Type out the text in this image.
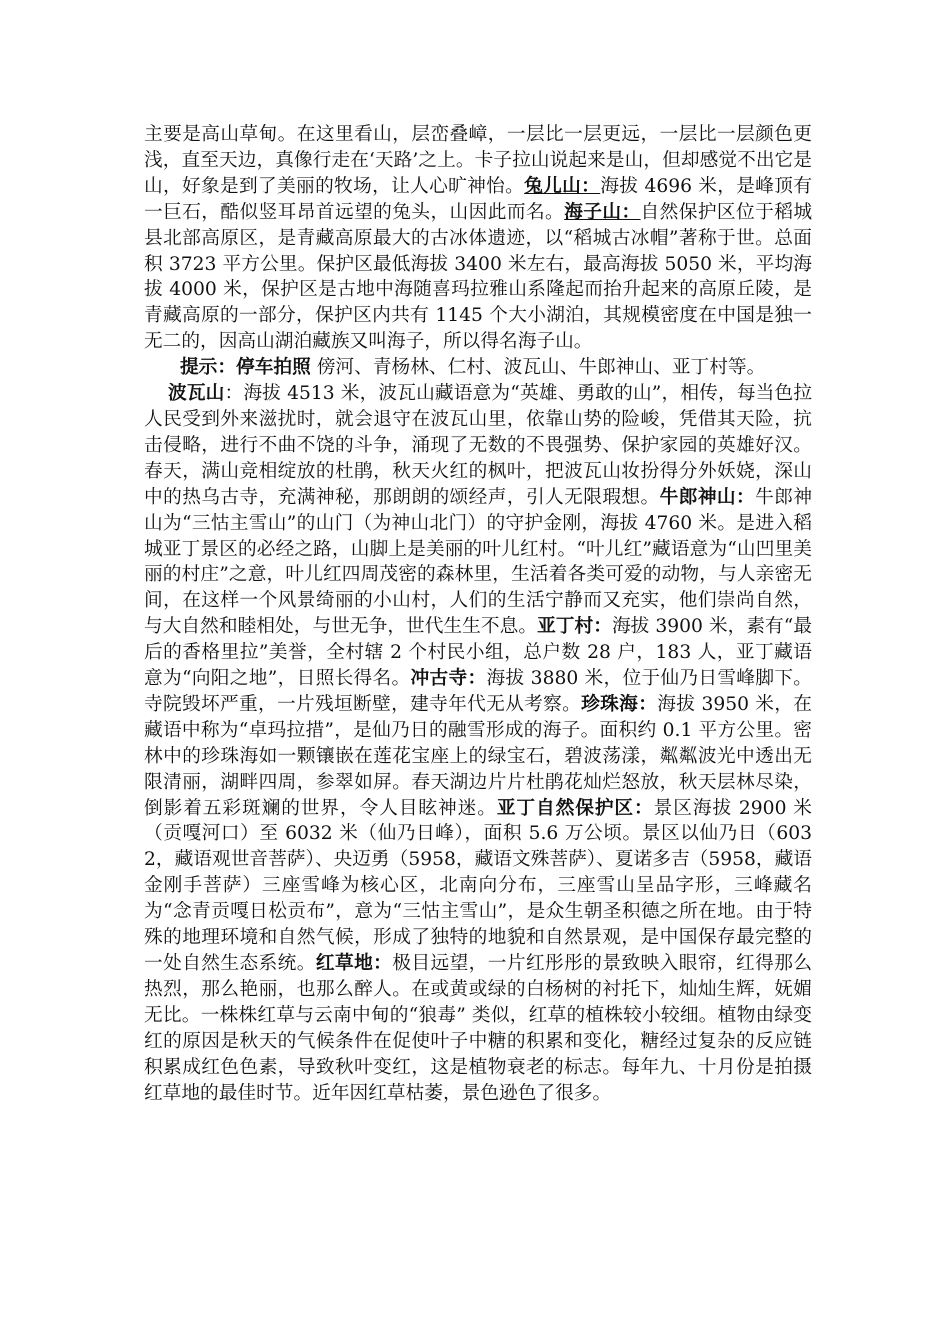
主要是高山草甸。在这里看山，层峦叠嶂，一层比一层更远，一层比一层颜色更浅，直至天边，真像行走在‘天路’之上。卡子拉山说起来是山，但却感觉不出它是山，好象是到了美丽的牧场，让人心旷神怡。兔儿山：海拔 4696 米，是峰顶有一巨石，酷似竖耳昂首远望的兔头，山因此而名。海子山：自然保护区位于稻城县北部高原区，是青藏高原最大的古冰体遗迹，以“稻城古冰帽”著称于世。总面积 3723 平方公里。保护区最低海拔 3400 米左右，最高海拔 5050 米，平均海拔 4000 米，保护区是古地中海随喜玛拉雅山系隆起而抬升起来的高原丘陵，是青藏高原的一部分，保护区内共有 1145 个大小湖泊，其规模密度在中国是独一无二的，因高山湖泊藏族又叫海子，所以得名海子山。

提示：停车拍照 傍河、青杨林、仁村、波瓦山、牛郎神山、亚丁村等。

波瓦山：海拔 4513 米，波瓦山藏语意为“英雄、勇敢的山”，相传，每当色拉人民受到外来滋扰时，就会退守在波瓦山里，依靠山势的险峻，凭借其天险，抗击侵略，进行不曲不饶的斗争，涌现了无数的不畏强势、保护家园的英雄好汉。春天，满山竞相绽放的杜鹃，秋天火红的枫叶，把波瓦山妆扮得分外妖娆，深山中的热乌古寺，充满神秘，那朗朗的颂经声，引人无限瑕想。牛郎神山：牛郎神山为“三怙主雪山”的山门（为神山北门）的守护金刚，海拔 4760 米。是进入稻城亚丁景区的必经之路，山脚上是美丽的叶儿红村。“叶儿红”藏语意为“山凹里美丽的村庄”之意，叶儿红四周茂密的森林里，生活着各类可爱的动物，与人亲密无间，在这样一个风景绮丽的小山村，人们的生活宁静而又充实，他们崇尚自然，与大自然和睦相处，与世无争，世代生生不息。亚丁村：海拔 3900 米，素有“最后的香格里拉”美誉，全村辖 2 个村民小组，总户数 28 户，183 人，亚丁藏语意为“向阳之地”，日照长得名。冲古寺：海拔 3880 米，位于仙乃日雪峰脚下。寺院毁坏严重，一片残垣断壁，建寺年代无从考察。珍珠海：海拔 3950 米，在藏语中称为“卓玛拉措”，是仙乃日的融雪形成的海子。面积约 0.1 平方公里。密林中的珍珠海如一颗镶嵌在莲花宝座上的绿宝石，碧波荡漾，粼粼波光中透出无限清丽，湖畔四周，参翠如屏。春天湖边片片杜鹃花灿烂怒放，秋天层林尽染，倒影着五彩斑斓的世界，令人目眩神迷。亚丁自然保护区：景区海拔 2900 米（贡嘎河口）至 6032 米（仙乃日峰），面积 5.6 万公顷。景区以仙乃日（6032，藏语观世音菩萨）、央迈勇（5958，藏语文殊菩萨）、夏诺多吉（5958，藏语金刚手菩萨）三座雪峰为核心区，北南向分布，三座雪山呈品字形，三峰藏名为“念青贡嘎日松贡布”，意为“三怙主雪山”，是众生朝圣积德之所在地。由于特殊的地理环境和自然气候，形成了独特的地貌和自然景观，是中国保存最完整的一处自然生态系统。红草地：极目远望，一片红彤彤的景致映入眼帘，红得那么热烈，那么艳丽，也那么醉人。在或黄或绿的白杨树的衬托下，灿灿生辉，妩媚无比。一株株红草与云南中甸的“狼毒” 类似，红草的植株较小较细。植物由绿变红的原因是秋天的气候条件在促使叶子中糖的积累和变化，糖经过复杂的反应链积累成红色色素，导致秋叶变红，这是植物衰老的标志。每年九、十月份是拍摄红草地的最佳时节。近年因红草枯萎，景色逊色了很多。
